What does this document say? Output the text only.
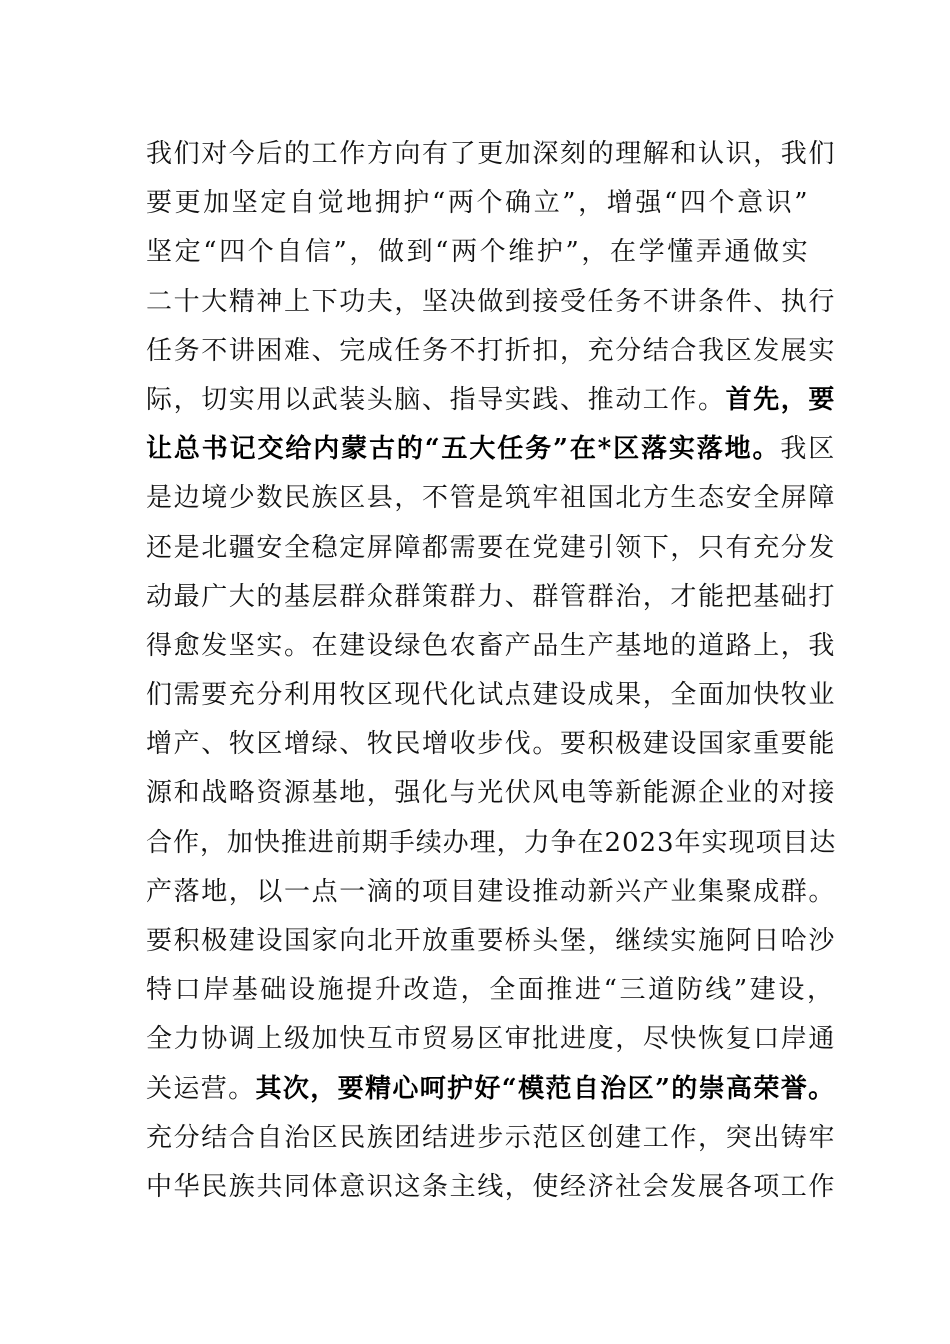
我们对今后的工作方向有了更加深刻的理解和认识，我们
要更加坚定自觉地拥护“两个确立”，增强“四个意识”
坚定“四个自信”，做到“两个维护”，在学懂弄通做实
二十大精神上下功夫，坚决做到接受任务不讲条件、执行
任务不讲困难、完成任务不打折扣，充分结合我区发展实
际，切实用以武装头脑、指导实践、推动工作。首先，要
让总书记交给内蒙古的“五大任务”在*区落实落地。我区
是边境少数民族区县，不管是筑牢祖国北方生态安全屏障
还是北疆安全稳定屏障都需要在党建引领下，只有充分发
动最广大的基层群众群策群力、群管群治，才能把基础打
得愈发坚实。在建设绿色农畜产品生产基地的道路上，我
们需要充分利用牧区现代化试点建设成果，全面加快牧业
增产、牧区增绿、牧民增收步伐。要积极建设国家重要能
源和战略资源基地，强化与光伏风电等新能源企业的对接
合作，加快推进前期手续办理，力争在2023年实现项目达
产落地，以一点一滴的项目建设推动新兴产业集聚成群。
要积极建设国家向北开放重要桥头堡，继续实施阿日哈沙
特口岸基础设施提升改造，全面推进“三道防线”建设，
全力协调上级加快互市贸易区审批进度，尽快恢复口岸通
关运营。其次，要精心呵护好“模范自治区”的崇高荣誉。
充分结合自治区民族团结进步示范区创建工作，突出铸牢
中华民族共同体意识这条主线，使经济社会发展各项工作
